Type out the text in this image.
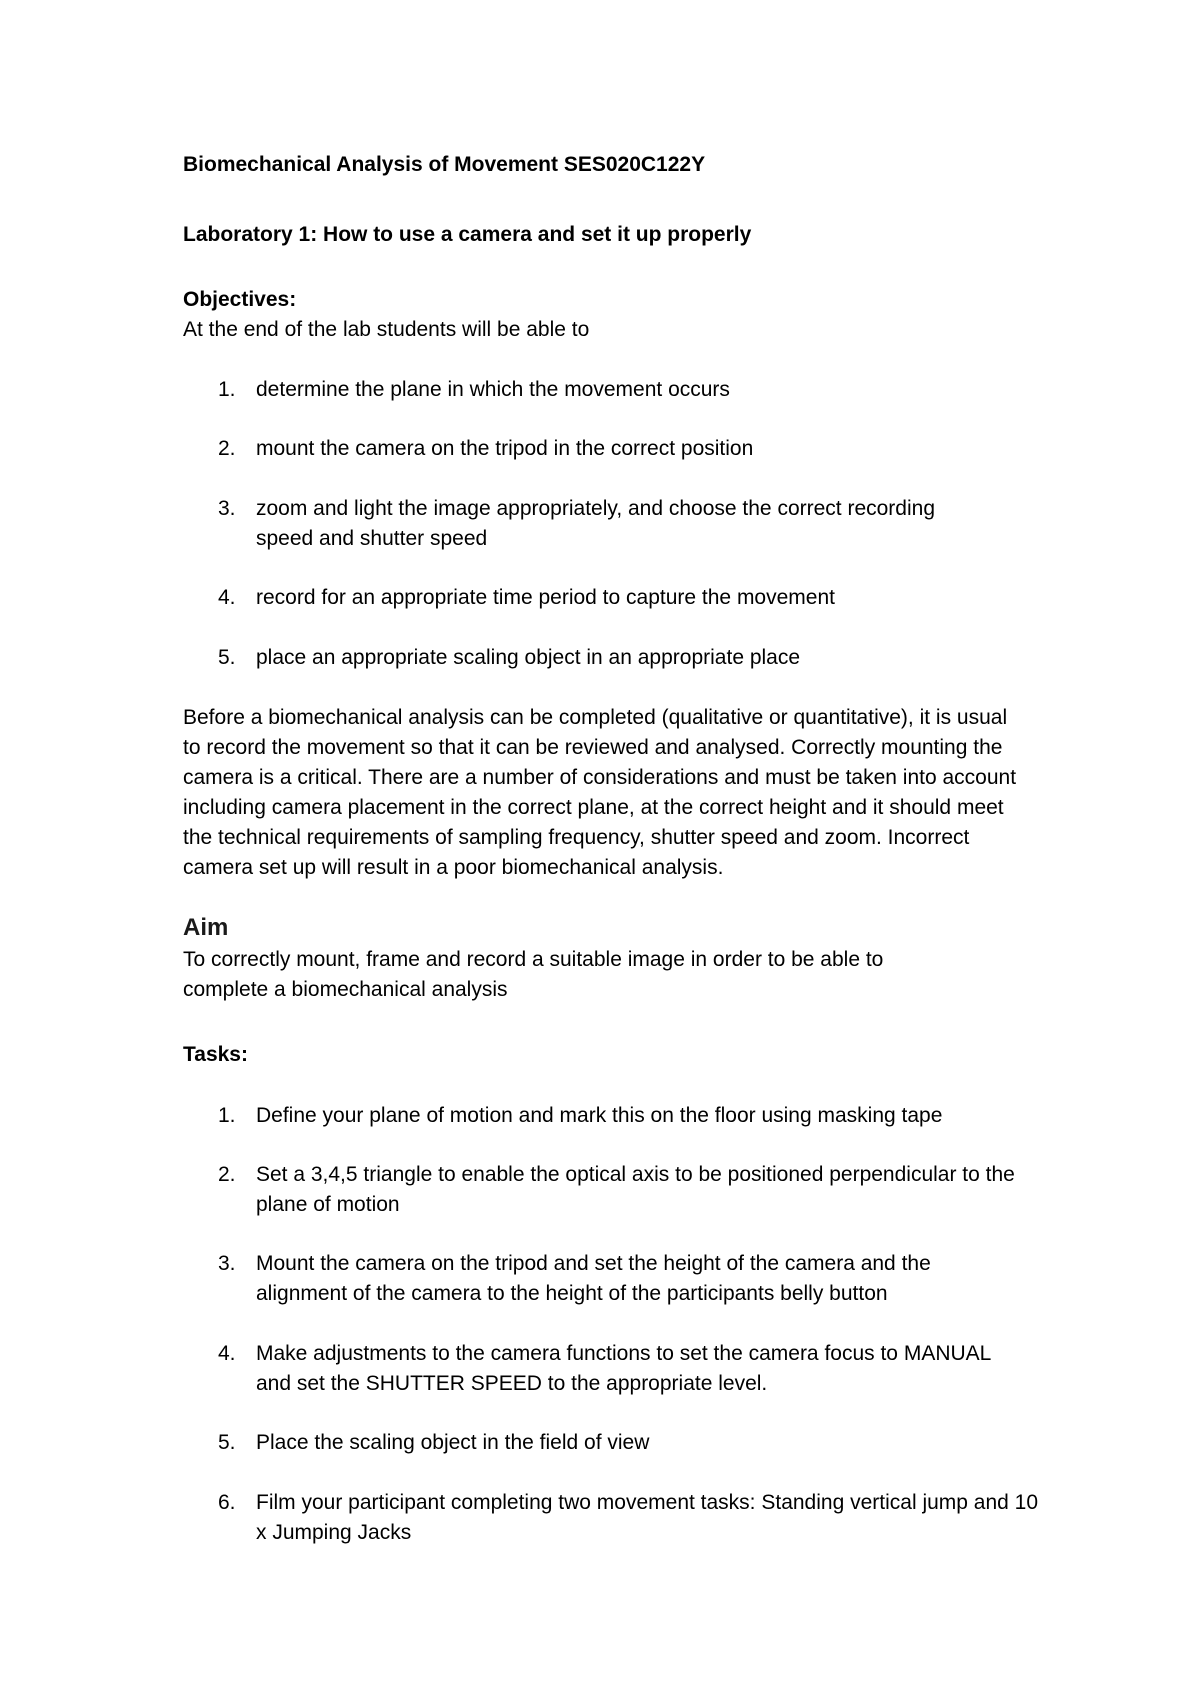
Biomechanical Analysis of Movement SES020C122Y

Laboratory 1: How to use a camera and set it up properly

Objectives:

At the end of the lab students will be able to

1. determine the plane in which the movement occurs
2. mount the camera on the tripod in the correct position
3. zoom and light the image appropriately, and choose the correct recording speed and shutter speed
4. record for an appropriate time period to capture the movement
5. place an appropriate scaling object in an appropriate place

Before a biomechanical analysis can be completed (qualitative or quantitative), it is usual to record the movement so that it can be reviewed and analysed. Correctly mounting the camera is a critical. There are a number of considerations and must be taken into account including camera placement in the correct plane, at the correct height and it should meet the technical requirements of sampling frequency, shutter speed and zoom. Incorrect camera set up will result in a poor biomechanical analysis.

Aim

To correctly mount, frame and record a suitable image in order to be able to complete a biomechanical analysis

Tasks:

1. Define your plane of motion and mark this on the floor using masking tape
2. Set a 3,4,5 triangle to enable the optical axis to be positioned perpendicular to the plane of motion
3. Mount the camera on the tripod and set the height of the camera and the alignment of the camera to the height of the participants belly button
4. Make adjustments to the camera functions to set the camera focus to MANUAL and set the SHUTTER SPEED to the appropriate level.
5. Place the scaling object in the field of view
6. Film your participant completing two movement tasks: Standing vertical jump and 10 x Jumping Jacks
